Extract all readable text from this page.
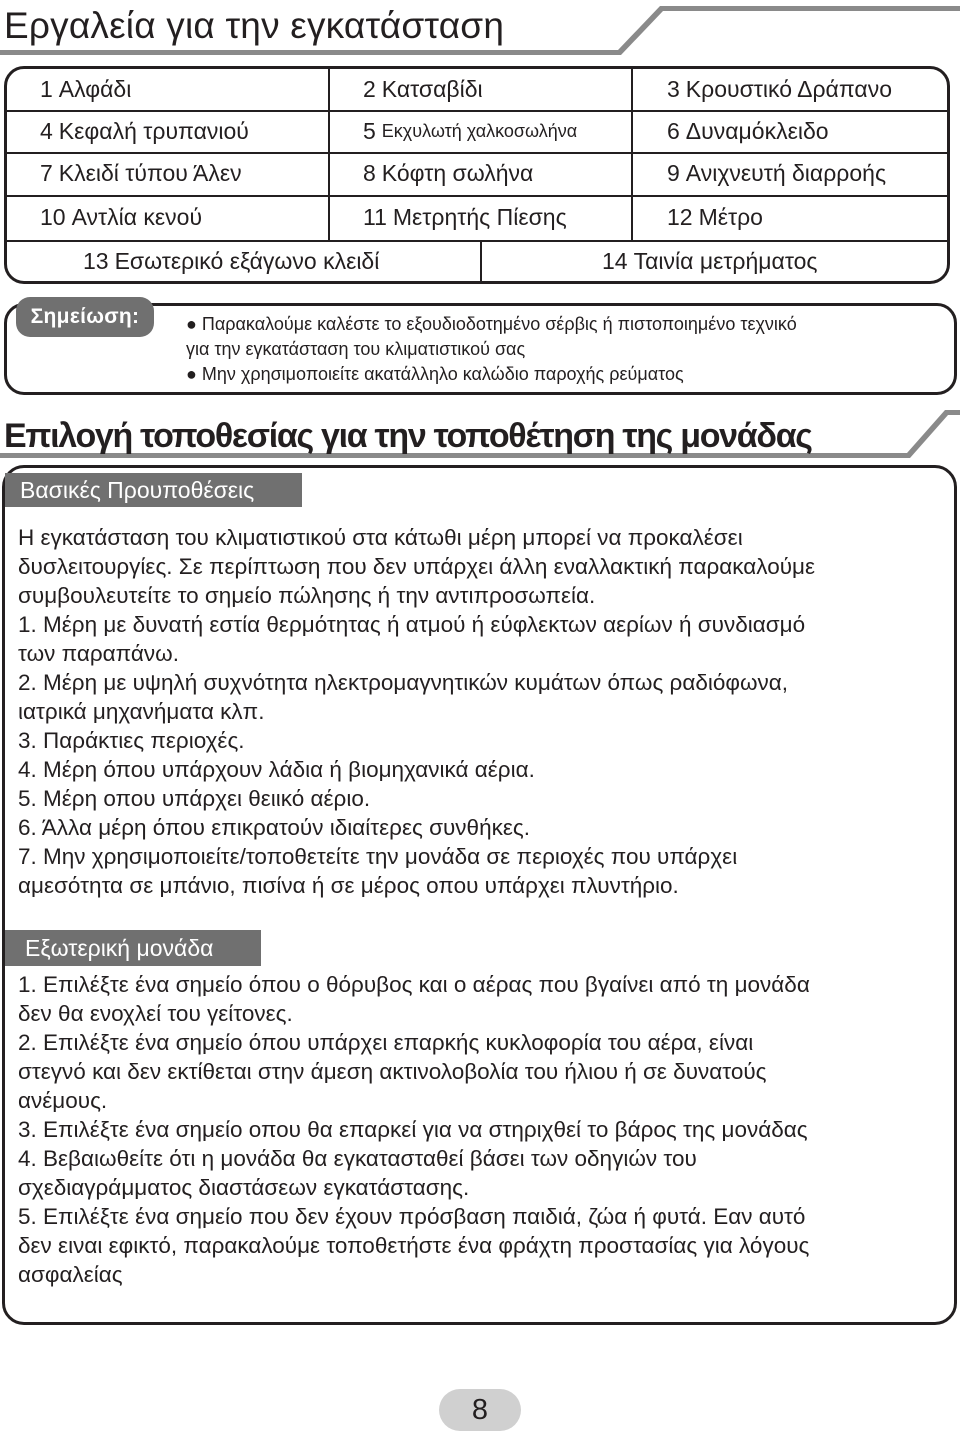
Εργαλεία για την εγκατάσταση
1 Αλφάδι	2 Κατσαβίδι	3 Κρουστικό Δράπανο
4 Κεφαλή τρυπανιού	5 Εκχυλωτή χαλκοσωλήνα	6 Δυναμόκλειδο
7 Κλειδί τύπου Άλεν	8 Κόφτη σωλήνα	9 Ανιχνευτή διαρροής
10 Αντλία κενού	11 Μετρητής Πίεσης	12 Μέτρο
13 Εσωτερικό εξάγωνο κλειδί	14 Ταινία μετρήματος
Σημείωση:	● Παρακαλούμε καλέστε το εξουδιοδοτημένο σέρβις ή πιστοποιημένο τεχνικό
για την εγκατάσταση του κλιματιστικού σας
● Μην χρησιμοποιείτε ακατάλληλο καλώδιο παροχής ρεύματος
Επιλογή τοποθεσίας για την τοποθέτηση της μονάδας
Βασικές Προυποθέσεις
Η εγκατάσταση του κλιματιστικού στα κάτωθι μέρη μπορεί να προκαλέσει
δυσλειτουργίες. Σε περίπτωση που δεν υπάρχει άλλη εναλλακτική παρακαλούμε
συμβουλευτείτε το σημείο πώλησης ή την αντιπροσωπεία.
1. Μέρη με δυνατή εστία θερμότητας ή ατμού ή εύφλεκτων αερίων ή συνδιασμό
των παραπάνω.
2. Μέρη με υψηλή συχνότητα ηλεκτρομαγνητικών κυμάτων όπως ραδιόφωνα,
ιατρικά μηχανήματα κλπ.
3. Παράκτιες περιοχές.
4. Μέρη όπου υπάρχουν λάδια ή βιομηχανικά αέρια.
5. Μέρη οπου υπάρχει θειικό αέριο.
6. Άλλα μέρη όπου επικρατούν ιδιαίτερες συνθήκες.
7. Μην χρησιμοποιείτε/τοποθετείτε την μονάδα σε περιοχές που υπάρχει
αμεσότητα σε μπάνιο, πισίνα ή σε μέρος οπου υπάρχει πλυντήριο.
Εξωτερική μονάδα
1. Επιλέξτε ένα σημείο όπου ο θόρυβος και ο αέρας που βγαίνει από τη μονάδα
δεν θα ενοχλεί του γείτονες.
2. Επιλέξτε ένα σημείο όπου υπάρχει επαρκής κυκλοφορία του αέρα, είναι
στεγνό και δεν εκτίθεται στην άμεση ακτινολοβολία του ήλιου ή σε δυνατούς
ανέμους.
3. Επιλέξτε ένα σημείο οπου θα επαρκεί για να στηριχθεί το βάρος της μονάδας
4. Βεβαιωθείτε ότι η μονάδα θα εγκατασταθεί βάσει των οδηγιών του
σχεδιαγράμματος διαστάσεων εγκατάστασης.
5. Επιλέξτε ένα σημείο που δεν έχουν πρόσβαση παιδιά, ζώα ή φυτά. Εαν αυτό
δεν ειναι εφικτό, παρακαλούμε τοποθετήστε ένα φράχτη προστασίας για λόγους
ασφαλείας
8
